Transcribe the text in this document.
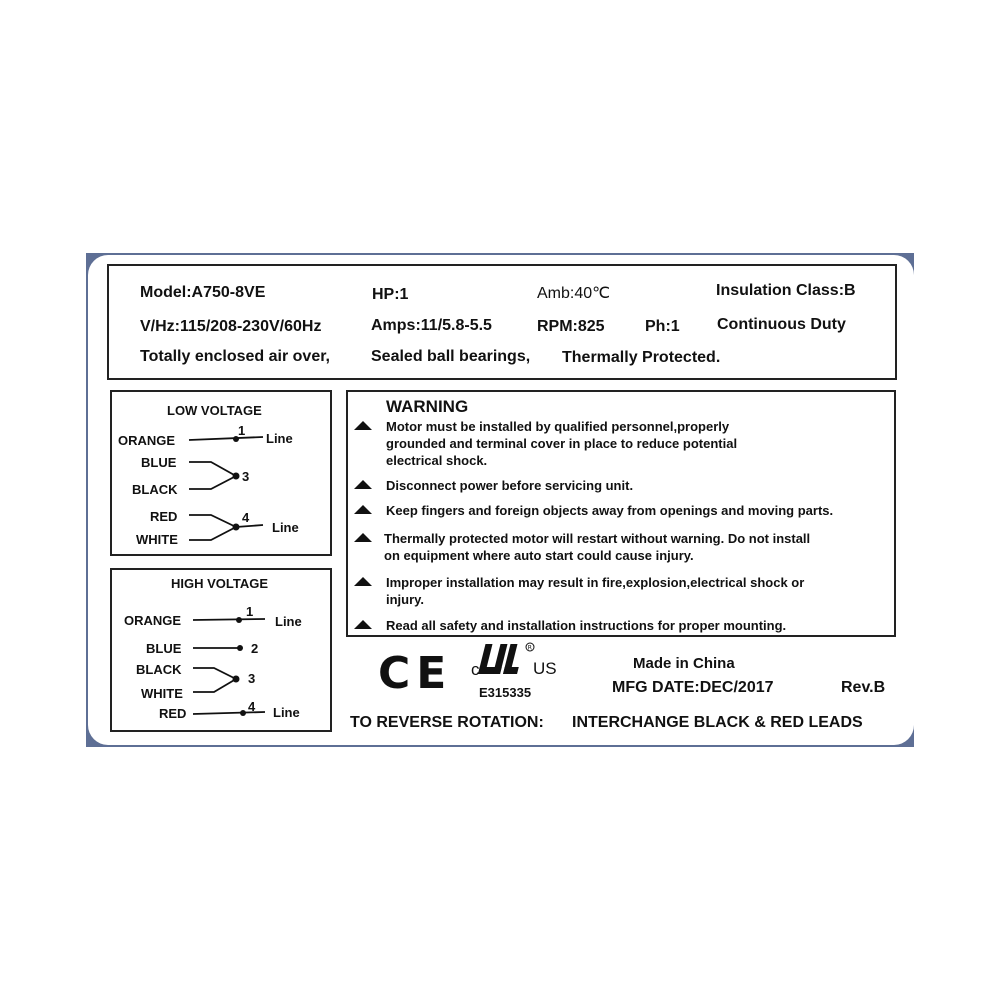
Model:A750-8VE	HP:1	Amb:40℃	Insulation Class:B
V/Hz:115/208-230V/60Hz	Amps:11/5.8-5.5	RPM:825	Ph:1 Continuous Duty
Totally enclosed air over,	Sealed ball bearings, Thermally Protected.
LOW VOLTAGE
ORANGE
BLUE
BLACK
RED
WHITE
1
3
4
Line
Line
HIGH VOLTAGE
ORANGE
BLUE
BLACK
WHITE
RED
1
2
3
4
Line
Line
WARNING
Motor must be installed by qualified personnel,properly
grounded and terminal cover in place to reduce potential
electrical shock.
Disconnect power before servicing unit.
Keep fingers and foreign objects away from openings and moving parts.
Thermally protected motor will restart without warning. Do not install
on equipment where auto start could cause injury.
Improper installation may result in fire,explosion,electrical shock or
injury.
Read all safety and installation instructions for proper mounting.
CE	R
c	US
E315335
Made in China
MFG DATE:DEC/2017	Rev.B
TO REVERSE ROTATION: INTERCHANGE BLACK & RED LEADS
